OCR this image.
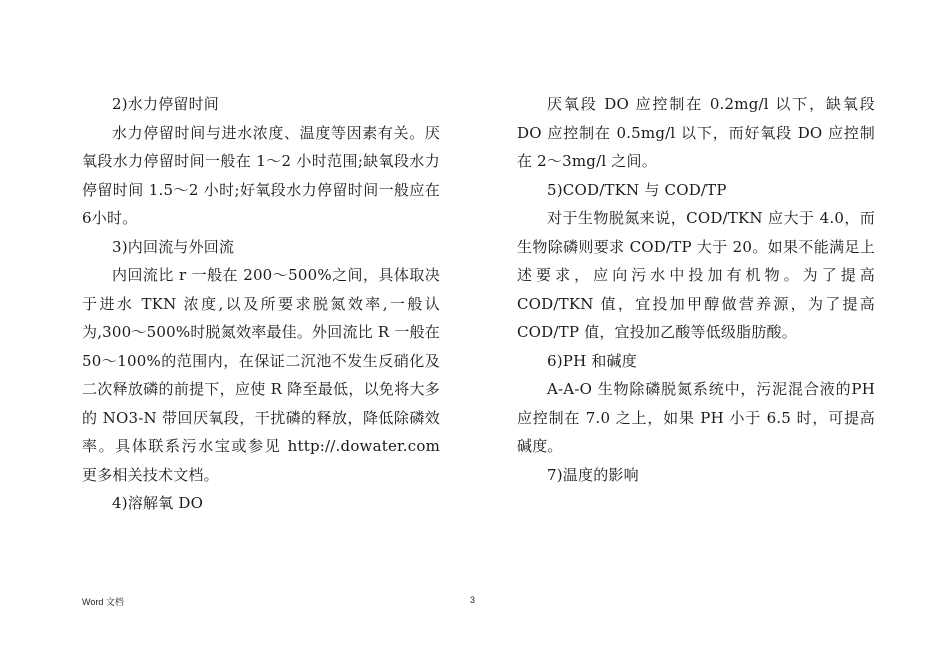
2)水力停留时间

水力停留时间与进水浓度、温度等因素有关。厌氧段水力停留时间一般在 1～2 小时范围;缺氧段水力停留时间 1.5～2 小时;好氧段水力停留时间一般应在6小时。

3)内回流与外回流

内回流比 r 一般在 200～500%之间，具体取决于进水 TKN 浓度,以及所要求脱氮效率,一般认为,300～500%时脱氮效率最佳。外回流比 R 一般在 50～100%的范围内，在保证二沉池不发生反硝化及二次释放磷的前提下，应使 R 降至最低，以免将大多的 NO3-N 带回厌氧段，干扰磷的释放，降低除磷效率。具体联系污水宝或参见 http://.dowater.com 更多相关技术文档。

4)溶解氧 DO

厌氧段 DO 应控制在 0.2mg/l 以下，缺氧段 DO 应控制在 0.5mg/l 以下，而好氧段 DO 应控制在 2～3mg/l 之间。

5)COD/TKN 与 COD/TP

对于生物脱氮来说，COD/TKN 应大于 4.0，而生物除磷则要求 COD/TP 大于 20。如果不能满足上述要求，应向污水中投加有机物。为了提高 COD/TKN 值，宜投加甲醇做营养源，为了提高 COD/TP 值，宜投加乙酸等低级脂肪酸。

6)PH 和碱度

A-A-O 生物除磷脱氮系统中，污泥混合液的PH 应控制在 7.0 之上，如果 PH 小于 6.5 时，可提高碱度。

7)温度的影响

Word 文档	3
